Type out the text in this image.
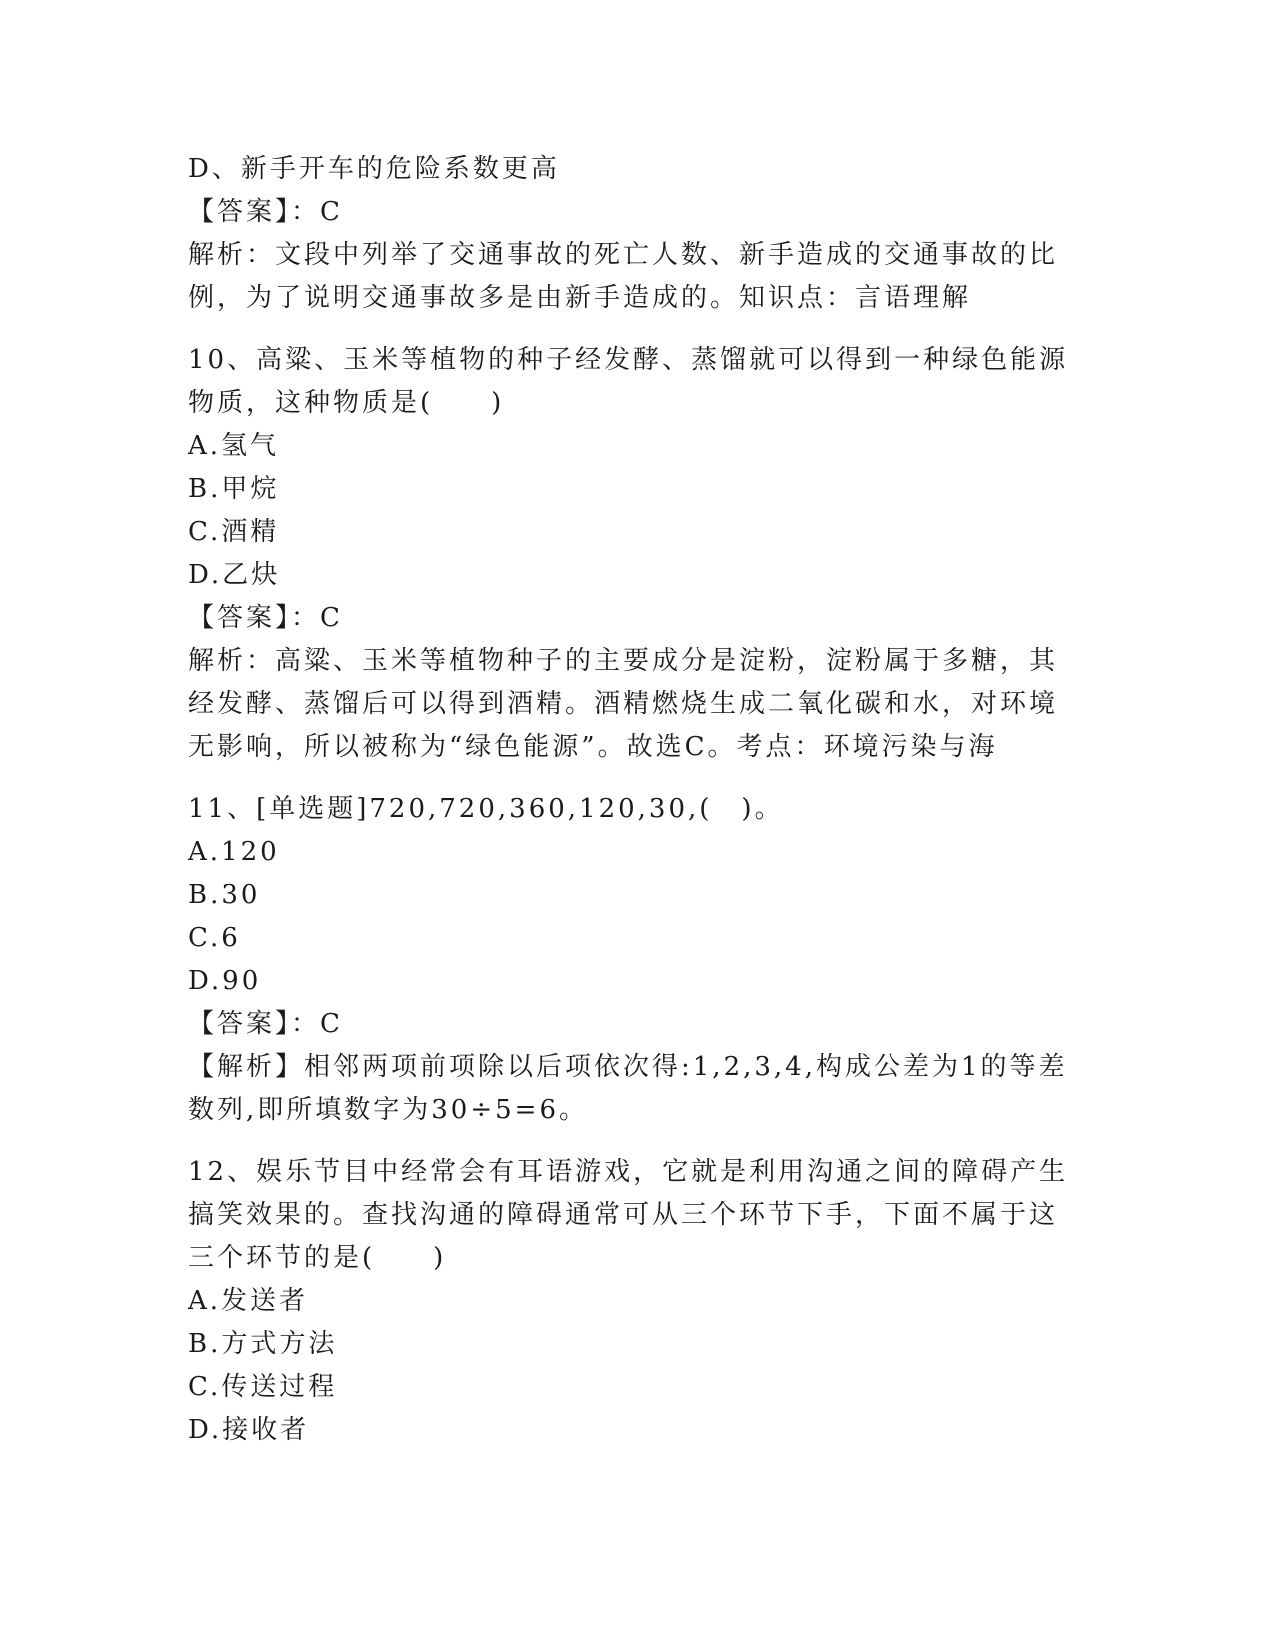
D、新手开车的危险系数更高
【答案】：C
解析：文段中列举了交通事故的死亡人数、新手造成的交通事故的比
例，为了说明交通事故多是由新手造成的。知识点：言语理解
10、高粱、玉米等植物的种子经发酵、蒸馏就可以得到一种绿色能源
物质，这种物质是(　　)
A.氢气
B.甲烷
C.酒精
D.乙炔
【答案】：C
解析：高粱、玉米等植物种子的主要成分是淀粉，淀粉属于多糖，其
经发酵、蒸馏后可以得到酒精。酒精燃烧生成二氧化碳和水，对环境
无影响，所以被称为“绿色能源”。故选C。考点：环境污染与海
11、[单选题]720,720,360,120,30,(　)。
A.120
B.30
C.6
D.90
【答案】：C
【解析】相邻两项前项除以后项依次得:1,2,3,4,构成公差为1的等差
数列,即所填数字为30÷5=6。
12、娱乐节目中经常会有耳语游戏，它就是利用沟通之间的障碍产生
搞笑效果的。查找沟通的障碍通常可从三个环节下手，下面不属于这
三个环节的是(　　)
A.发送者
B.方式方法
C.传送过程
D.接收者
